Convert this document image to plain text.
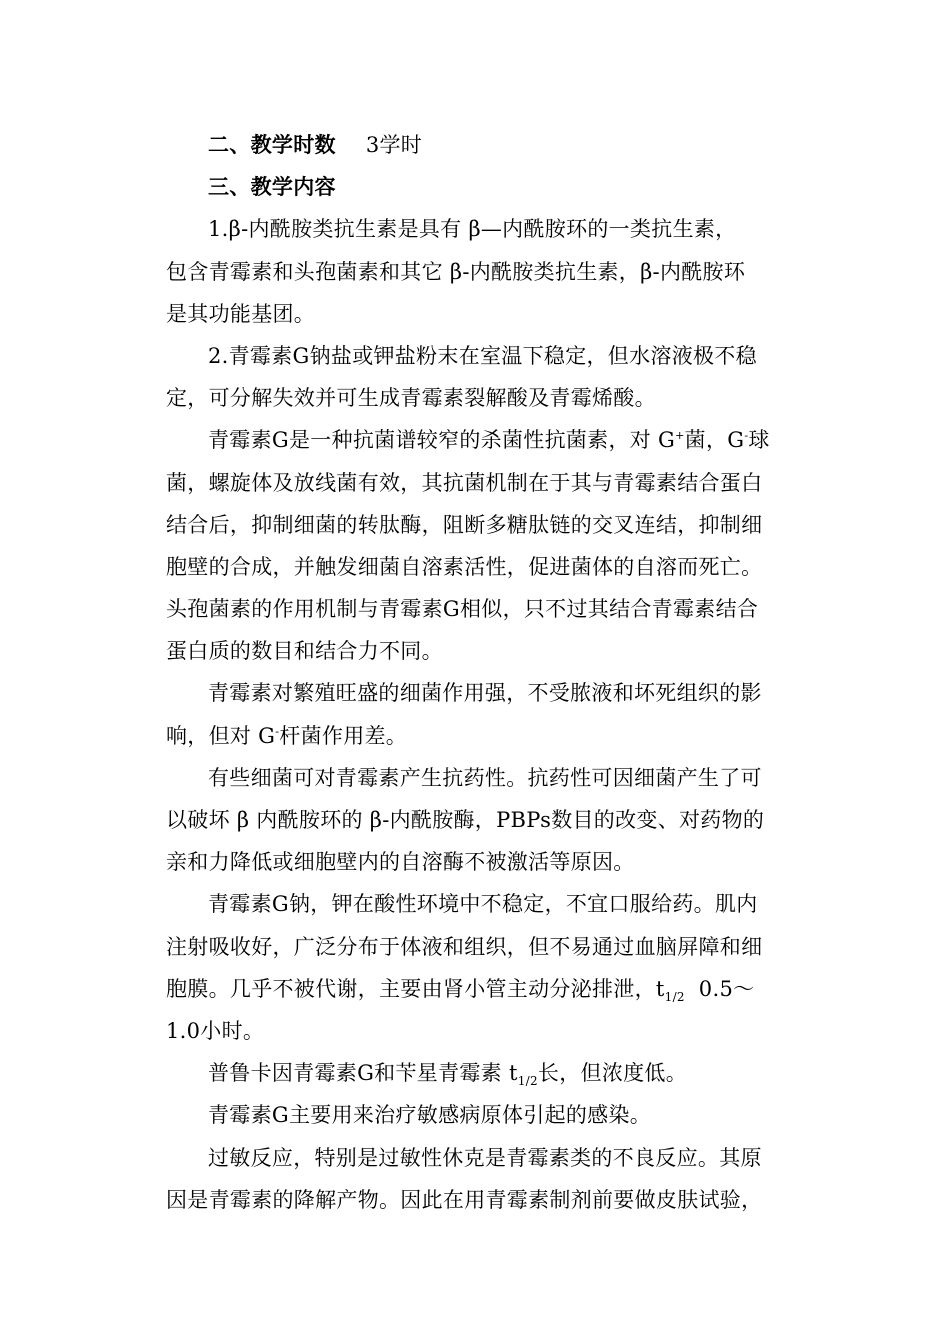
二、教学时数 3学时
三、教学内容
1.β-内酰胺类抗生素是具有 β—内酰胺环的一类抗生素，
包含青霉素和头孢菌素和其它 β-内酰胺类抗生素，β-内酰胺环
是其功能基团。
2.青霉素G钠盐或钾盐粉末在室温下稳定，但水溶液极不稳
定，可分解失效并可生成青霉素裂解酸及青霉烯酸。
青霉素G是一种抗菌谱较窄的杀菌性抗菌素，对 G+菌，G-球
菌，螺旋体及放线菌有效，其抗菌机制在于其与青霉素结合蛋白
结合后，抑制细菌的转肽酶，阻断多糖肽链的交叉连结，抑制细
胞壁的合成，并触发细菌自溶素活性，促进菌体的自溶而死亡。
头孢菌素的作用机制与青霉素G相似，只不过其结合青霉素结合
蛋白质的数目和结合力不同。
青霉素对繁殖旺盛的细菌作用强，不受脓液和坏死组织的影
响，但对 G-杆菌作用差。
有些细菌可对青霉素产生抗药性。抗药性可因细菌产生了可
以破坏 β 内酰胺环的 β-内酰胺酶，PBPs数目的改变、对药物的
亲和力降低或细胞壁内的自溶酶不被激活等原因。
青霉素G钠，钾在酸性环境中不稳定，不宜口服给药。肌内
注射吸收好，广泛分布于体液和组织，但不易通过血脑屏障和细
胞膜。几乎不被代谢，主要由肾小管主动分泌排泄，$t_{1/2}$  0.5～
1.0小时。
普鲁卡因青霉素G和苄星青霉素 $t_{1/2}$长，但浓度低。
青霉素G主要用来治疗敏感病原体引起的感染。
过敏反应，特别是过敏性休克是青霉素类的不良反应。其原
因是青霉素的降解产物。因此在用青霉素制剂前要做皮肤试验，
